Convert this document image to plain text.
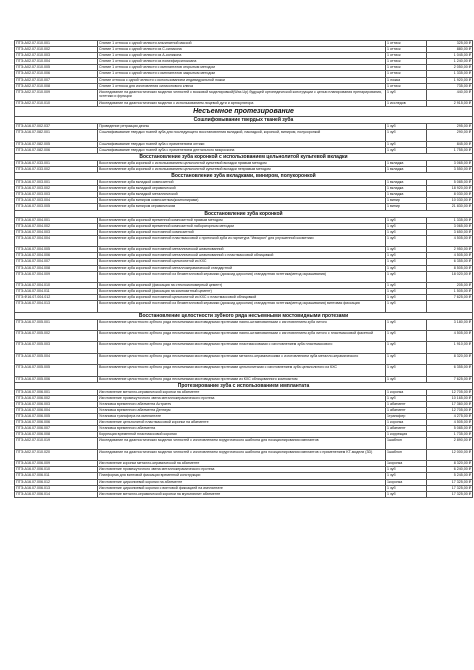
ПТЭ-А02.07.010.001	Снятие 1 оттиска с одной челюсти альгинатной массой	1 оттиск	325,00 ₽
ПТЭ-А02.07.010.002	Снятие 1 оттиска с одной челюсти из С-силикона	1 оттиск	880,00 ₽
ПТЭ-А02.07.010.003	Снятие 1 оттиска с одной челюсти из А-силикона	1 оттиск	1 045,00 ₽
ПТЭ-А02.07.010.004	Снятие 1 оттиска с одной челюсти из полиэфирсилоксана	1 оттиск	1 240,00 ₽
ПТЭ-А02.07.010.005	Снятие 1 оттиска с одной челюсти с имплантатов открытым методом	1 оттиск	2 050,00 ₽
ПТЭ-А02.07.010.006	Снятие 1 оттиска с одной челюсти с имплантатов закрытым методом	1 оттиск	1 335,00 ₽
ПТЭ-А02.07.010.007	Снятие оттиска с одной челюсти с использованием индивидуальной ложки	1 ложка	1 920,00 ₽
ПТЭ-А02.07.010.008	Снятие 1 оттиска для изготовления силиконового ключа	1 оттиск	735,00 ₽
ПТЭ-А02.07.010.009	Исследование на диагностических моделях челюстей с восковой моделировкой(Wax-Up) будущей ортопедической конструкции с целью планирования препарирования, эстетики и функции	1 зуб	440,00 ₽
ПТЭ-А02.07.010.010	Исследование на диагностических моделях с использованием лицевой дуги и артикулятора	1 исследов	2 915,00 ₽
Несъемное протезирование			
Сошлифовывание твердых тканей зуба			
ПТЭ-А16.07.002.037	Проведение ретракции десны	1 зуб	295,00 ₽
ПТЭ-А16.07.082.001	Сошлифовывание твердых тканей зуба для последующего восстановления вкладкой, накладкой, коронкой, виниром, полукоронкой	1 зуб	290,00 ₽
ПТЭ-А16.07.082.005	Сошлифовывание твердых тканей зуба с применением оптики	1 зуб	845,00 ₽
ПТЭ-А16.07.082.006	Сошлифовывание твердых тканей зуба с применением дентального микроскопа	1 зуб	1 755,00 ₽
Восстановление зуба коронкой с использованием цельнолитой культевой вкладки			
ПТЭ-А16.07.033.001	Восстановление зуба коронкой с использованием цельнолитой культевой вкладки прямым методом	1 вкладка	3 065,00 ₽
ПТЭ-А16.07.033.002	Восстановление зуба коронкой с использованием цельнолитой культевой вкладки непрямым методом	1 вкладка	3 550,00 ₽
Восстановление зуба вкладками, виниром, полукоронкой			
ПТЭ-А16.07.003.001	Восстановление зуба вкладкой композитной	1 вкладка	5 085,00 ₽
ПТЭ-А16.07.003.002	Восстановление зуба вкладкой керамической	1 вкладка	18 920,00 ₽
ПТЭ-А16.07.003.003	Восстановление зуба вкладкой металлической	1 вкладка	8 030,00 ₽
ПТЭ-А16.07.003.004	Восстановление зуба виниром композитным(компонирами)	1 винир	10 030,00 ₽
ПТЭ-А16.07.003.005	Восстановление зуба виниром керамическим	1 винир	21 830,00 ₽
Восстановление зуба коронкой			
ПТЭ-А16.07.004.001	Восстановление зуба коронкой временной композитной прямым методом	1 зуб	1 335,00 ₽
ПТЭ-А16.07.004.002	Восстановление зуба коронкой временной композитной лабораторным методом	1 зуб	3 065,00 ₽
ПТЭ-А16.07.004.003	Восстановление зуба коронкой постоянной композитной	1 зуб	3 650,00 ₽
ПТЭ-А16.07.004.004	Восстановление зуба коронкой постоянной пластмассовой с приточкой зуба из гарнитура "Ивокрил" для улучшенной косметики	1 зуб	4 505,00 ₽
ПТЭ-А16.07.004.005	Восстановление зуба коронкой постоянной металлической штампованной	1 зуб	2 950,00 ₽
ПТЭ-А16.07.004.006	Восстановление зуба коронкой постоянной металлической штампованной с пластмассовой облицовкой	1 зуб	4 505,00 ₽
ПТЭ-А16.07.004.007	Восстановление зуба коронкой постоянной цельнолитой из КХС	1 зуб	6 355,00 ₽
ПТЭ-А16.07.004.008	Восстановление зуба коронкой постоянной металлокерамической стандартной	1 зуб	8 505,00 ₽
ПТЭ-А16.07.004.009	Восстановление зуба коронкой постоянной из безметалловой керамики (диоксид циркония) стандартная эстетика(метод окрашивания)	1 зуб	18 020,00 ₽
ПТЭ-А16.07.004.010	Восстановление зуба коронкой (фиксация на стеклоиономерный цемент)	1 зуб	205,00 ₽
ПТЭ-А16.07.004.011	Восстановление зуба коронкой (фиксация на композитный цемент)	1 зуб	1 505,00 ₽
ПТЭ-Ф16.07.004.012	Восстановление зуба коронкой постоянной цельнолитой из КХС с пластмассовой облицовкой	1 зуб	7 625,00 ₽
ПТЭ-А16.07.004.013	Восстановление зуба коронкой постоянной из безметалловой керамики (диоксид циркония) стандартная эстетика(метод окрашивания) винтовая фиксация	1 зуб	
Восстановление целостности зубного ряда несъемными мостовидными протезами			
ПТЭ-А16.07.005.001	Восстановление целостности зубного ряда несъемными мостовидными протезами паяно-штампованными с изготовлением зуба литого	1 зуб	3 180,00 ₽
ПТЭ-А16.07.005.002	Восстановление целостности зубного ряда несъемными мостовидными протезами паяно-штампованными с изготовлением зуба литого с пластмассовой фасеткой	1 зуб	4 505,00 ₽
ПТЭ-А16.07.005.003	Восстановление целостности зубного ряда несъемными мостовидными протезами пластмассовыми с изготовлением зуба пластмассового	1 зуб	1 910,00 ₽
ПТЭ-А16.07.005.004	Восстановление целостности зубного ряда несъемными мостовидными протезами металло-керамическими с изготовлением зуба металло-керамического	1 зуб	8 320,00 ₽
ПТЭ-А16.07.005.005	Восстановление целостности зубного ряда несъемными мостовидными протезами цельнолитыми с изготовлением зуба цельнолитого из КХС	1 зуб	6 355,00 ₽
ПТЭ-А16.07.005.006	Восстановление целостности зубного ряда несъемными мостовидными протезами из КХС облицованного композитом	1 зуб	7 625,00 ₽
Протезирование зуба с использованием имплантата			
ПТЭ-А16.07.006.001	Изготовление металло-керамической коронки на абатменте	1 коронка	12 705,00 ₽
ПТЭ-А16.07.006.002	Изготовление промежуточного звена металлокерамического протеза	1 зуб	10 165,00 ₽
ПТЭ-А16.07.006.003	Установка временного абатмента Астратеч	1 абатмент	17 360,00 ₽
ПТЭ-А16.07.006.004	Установка временного абатмента Дентиум	1 абатмент	12 705,00 ₽
ПТЭ-А16.07.006.005	Установка трансфера на имплантате	1трансфер	4 275,00 ₽
ПТЭ-А16.07.006.006	Изготовление цельнолитой пластмассовой коронки на абатменте	1 коронка	4 505,00 ₽
ПТЭ-А16.07.006.007	Установка временного абатмента	1 абатмент	5 085,00 ₽
ПТЭ-А16.07.006.008	Коррекция временной пластмассовой коронки	1 коррекция	1 735,00 ₽
ПТЭ-А02.07.010.019	Исследование на диагностических моделях челюстей с изготовлением хирургического шаблона для позиционирования имплантов	1шаблон	2 890,00 ₽
ПТЭ-А02.07.010.020	Исследование на диагностических моделях челюстей с изготовлением хирургического шаблона для позиционирования имплантов с применением KT-модели (3D)	1шаблон	12 000,00 ₽
ПТЭ-А16.07.006.009	Изготовление коронки металло-керамической на абатменте	1коронка	8 320,00 ₽
ПТЭ-А16.07.006.010	Изготовление промежуточного звена металлокерамического протеза	1 зуб	6 240,00 ₽
ПТЭ-А16.07.006.011	Платформа для винтовой фиксации временной конструкции	1 зуб	5 245,00 ₽
ПТЭ-А16.07.006.012	Изготовление циркониевой коронки на абатменте	1коронка	17 325,00 ₽
ПТЭ-А16.07.006.013	Изготовление циркониевой коронки с винтовой фиксацией на имплантате	1 зуб	17 325,00 ₽
ПТЭ-А16.07.006.014	Изготовление металло-керамической коронки на мультиюнит абатменте	1 зуб	17 325,00 ₽
